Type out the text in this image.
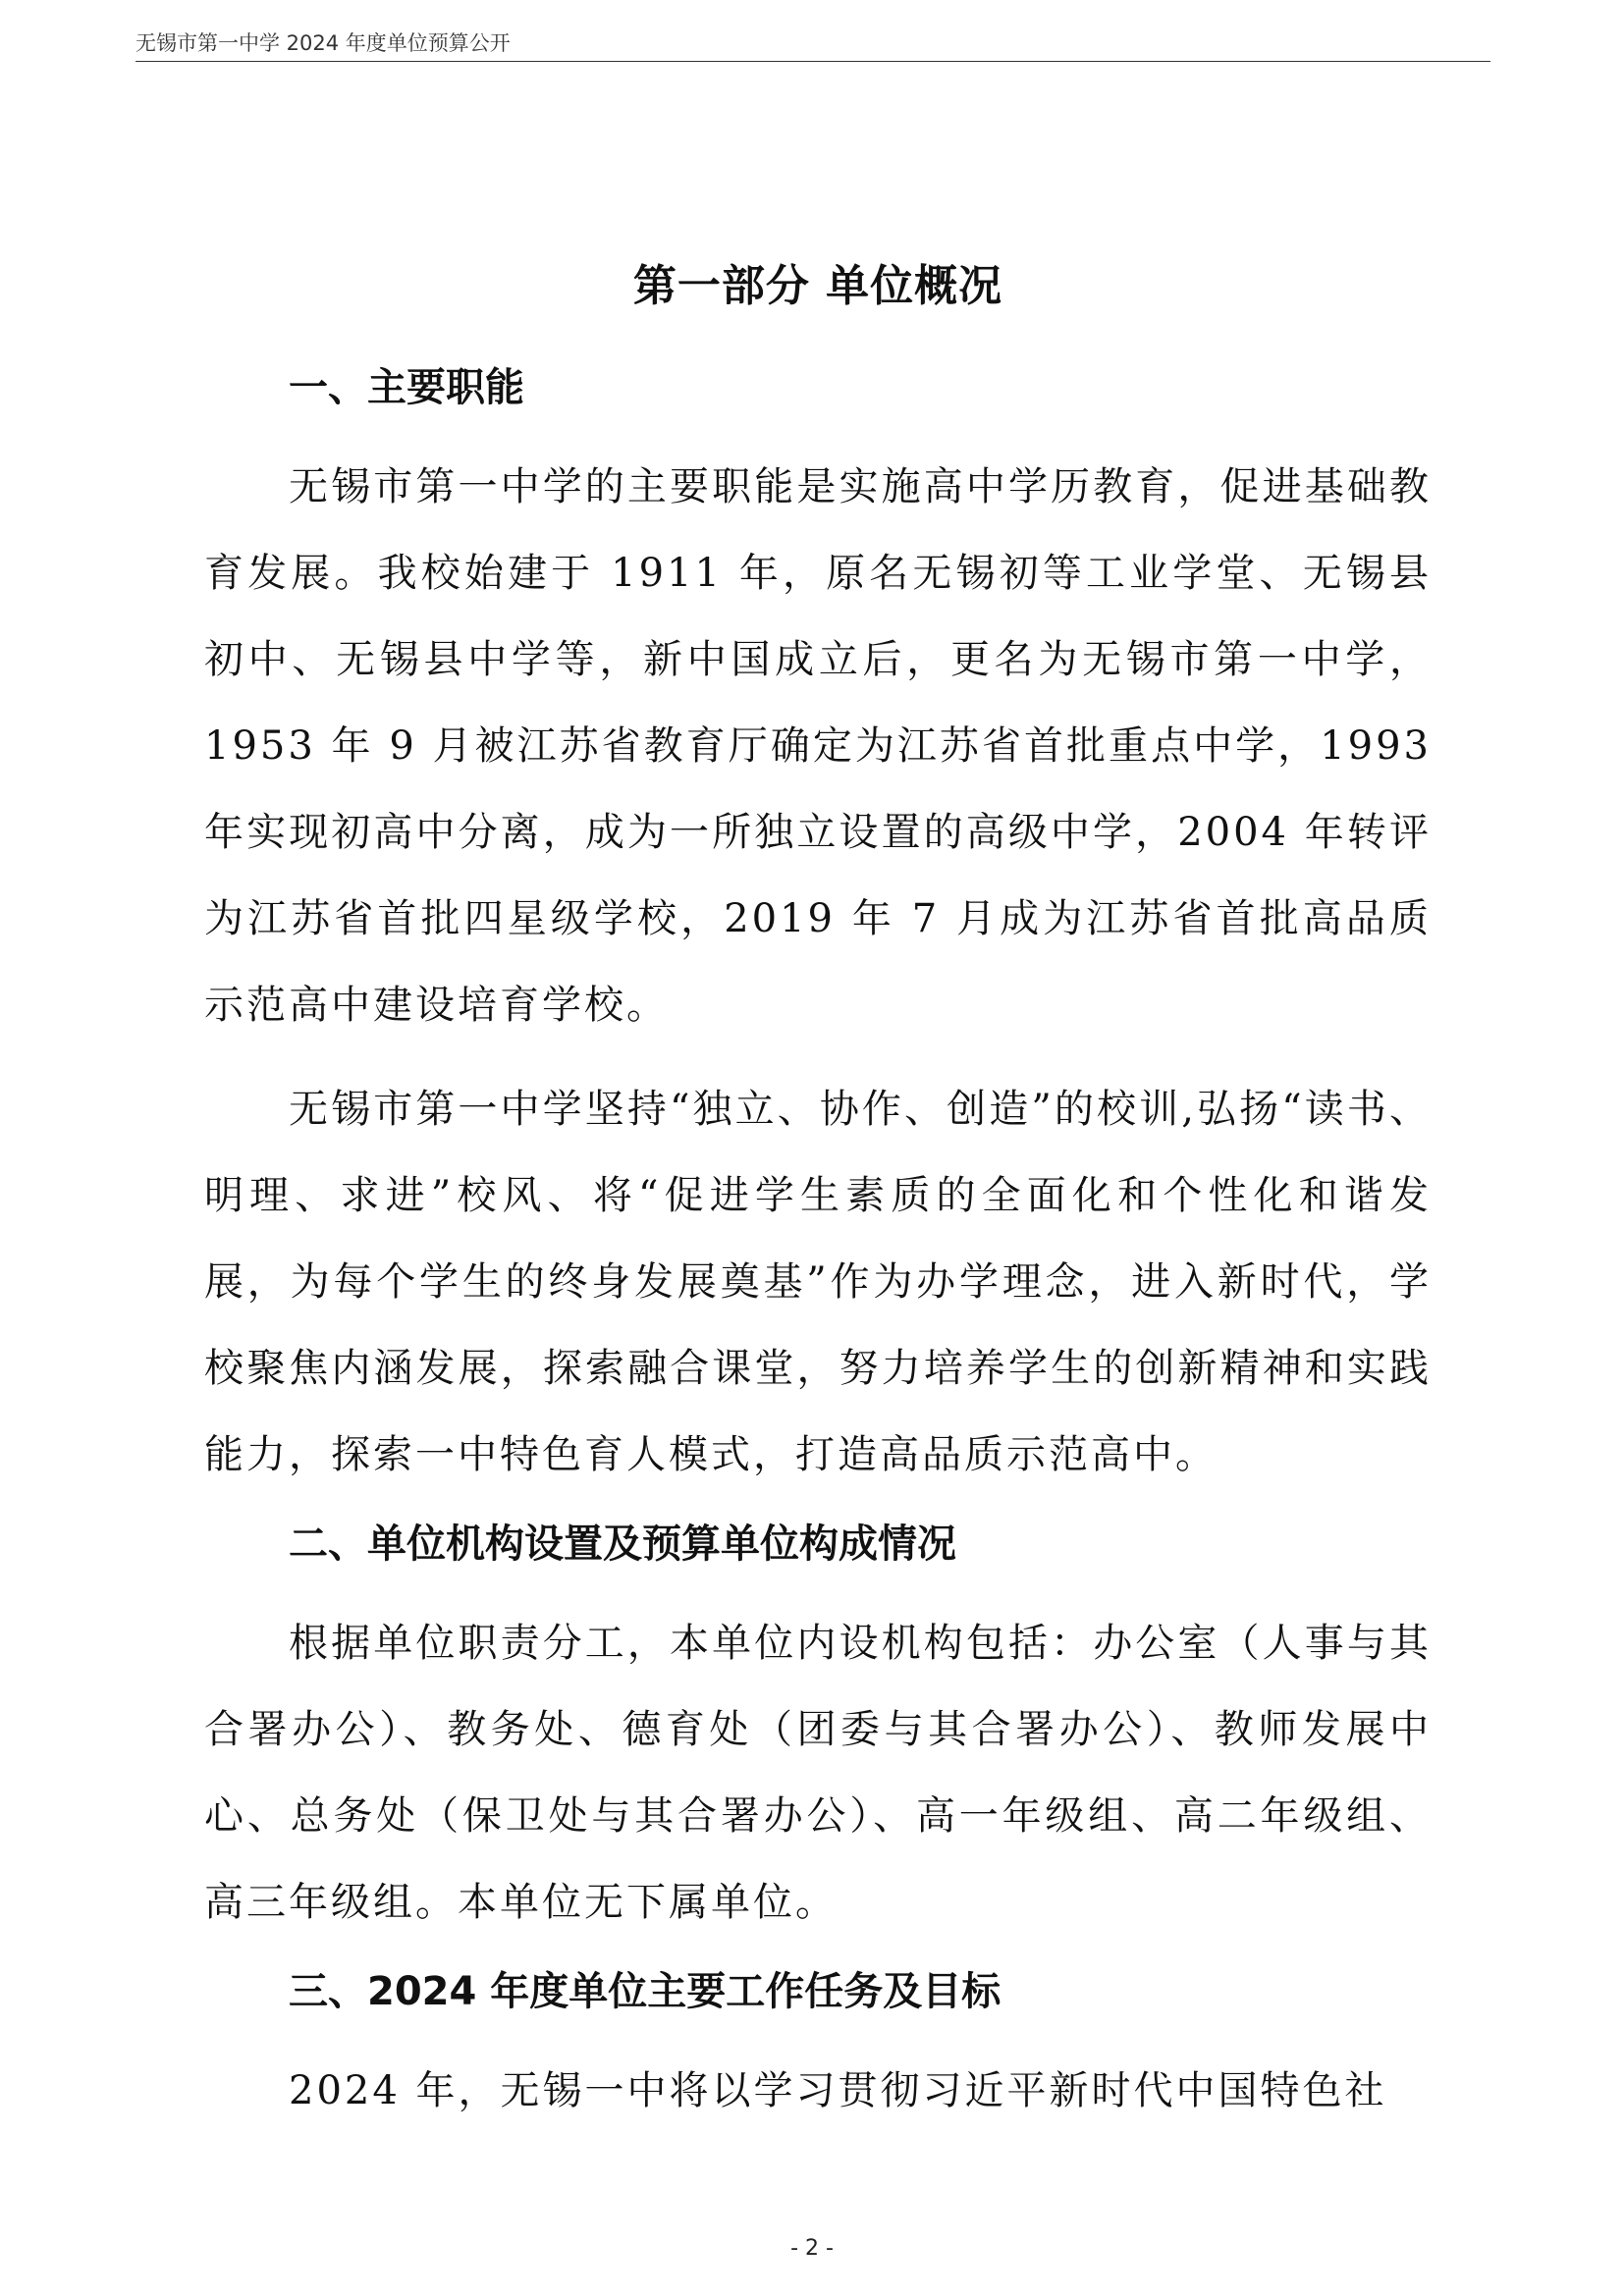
无锡市第一中学 2024 年度单位预算公开
第一部分 单位概况
一、主要职能

无锡市第一中学的主要职能是实施高中学历教育，促进基础教育发展。我校始建于 1911 年，原名无锡初等工业学堂、无锡县初中、无锡县中学等，新中国成立后，更名为无锡市第一中学，1953 年 9 月被江苏省教育厅确定为江苏省首批重点中学，1993 年实现初高中分离，成为一所独立设置的高级中学，2004 年转评为江苏省首批四星级学校，2019 年 7 月成为江苏省首批高品质示范高中建设培育学校。

无锡市第一中学坚持“独立、协作、创造”的校训,弘扬“读书、明理、求进”校风、将“促进学生素质的全面化和个性化和谐发展，为每个学生的终身发展奠基”作为办学理念，进入新时代，学校聚焦内涵发展，探索融合课堂，努力培养学生的创新精神和实践能力，探索一中特色育人模式，打造高品质示范高中。

二、单位机构设置及预算单位构成情况

根据单位职责分工，本单位内设机构包括：办公室（人事与其合署办公）、教务处、德育处（团委与其合署办公）、教师发展中心、总务处（保卫处与其合署办公）、高一年级组、高二年级组、高三年级组。本单位无下属单位。

三、2024 年度单位主要工作任务及目标

2024 年，无锡一中将以学习贯彻习近平新时代中国特色社

- 2 -
